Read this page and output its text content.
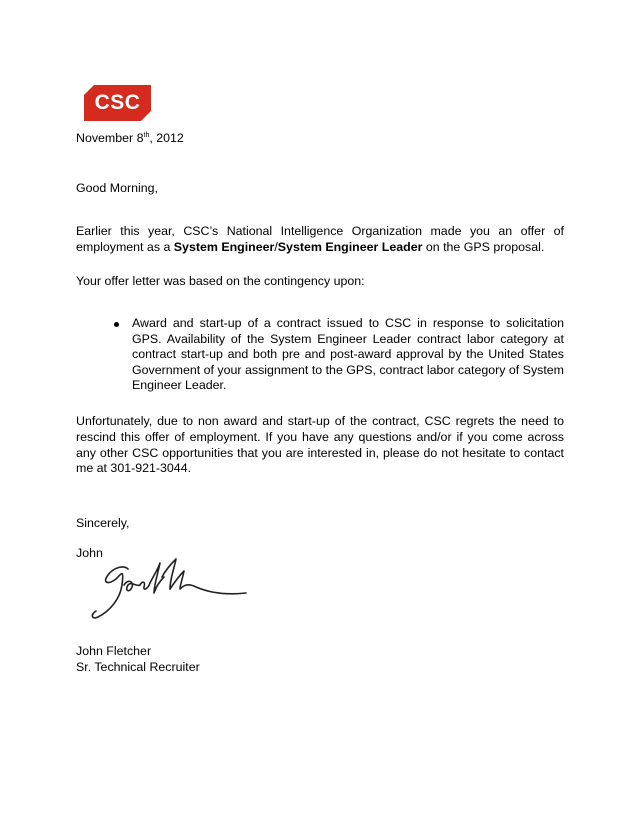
CSC
November 8th, 2012
Good Morning,
Earlier this year, CSC’s National Intelligence Organization made you an offer of employment as a System Engineer/System Engineer Leader on the GPS proposal.
Your offer letter was based on the contingency upon:
Award and start-up of a contract issued to CSC in response to solicitation GPS. Availability of the System Engineer Leader contract labor category at contract start-up and both pre and post-award approval by the United States Government of your assignment to the GPS, contract labor category of System Engineer Leader.
Unfortunately, due to non award and start-up of the contract, CSC regrets the need to rescind this offer of employment. If you have any questions and/or if you come across any other CSC opportunities that you are interested in, please do not hesitate to contact me at 301-921-3044.
Sincerely,
John
John Fletcher
Sr. Technical Recruiter
